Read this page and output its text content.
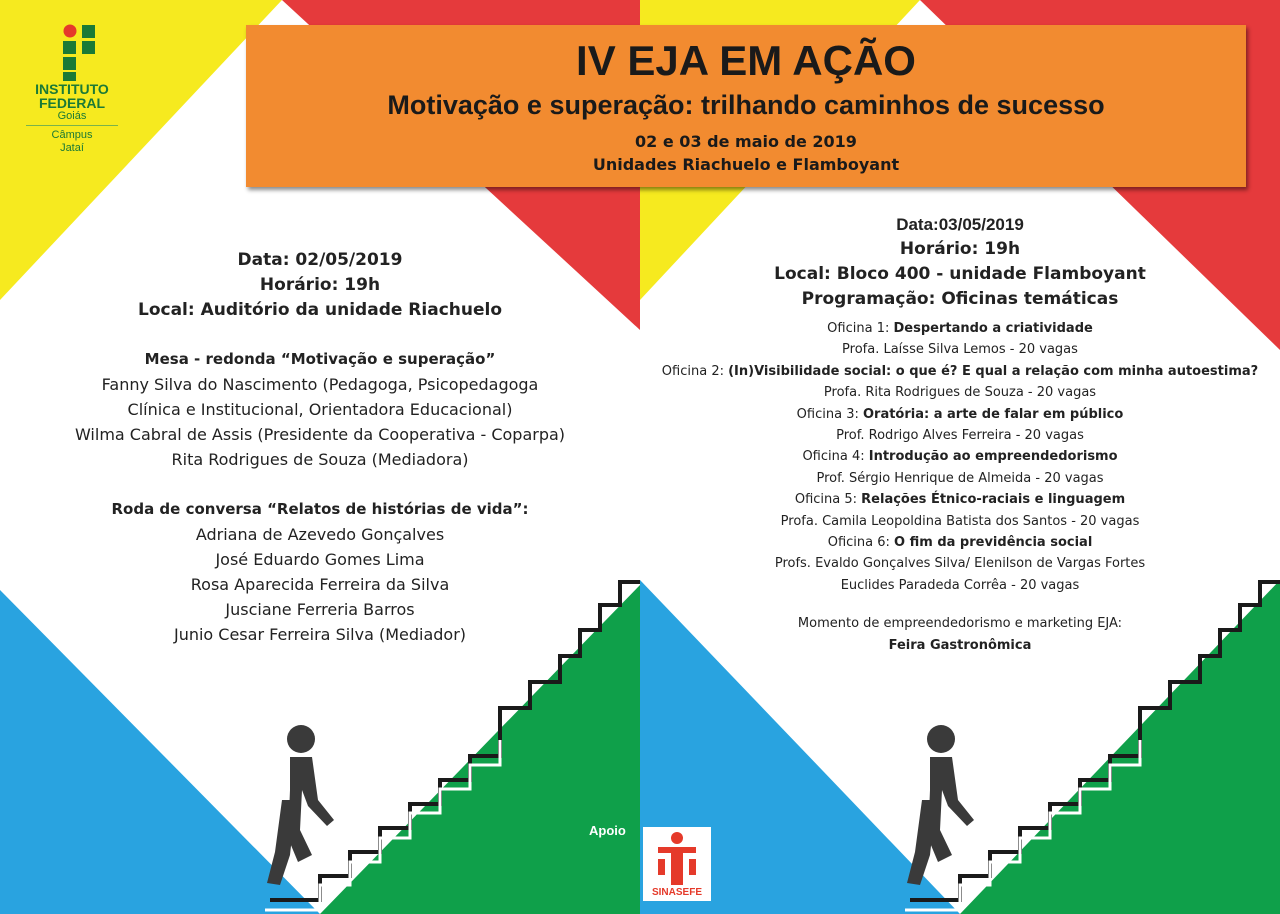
INSTITUTO
FEDERAL
Goiás
Câmpus
Jataí
IV EJA EM AÇÃO
Motivação e superação: trilhando caminhos de sucesso
02 e 03 de maio de 2019
Unidades Riachuelo e Flamboyant
Data: 02/05/2019
Horário: 19h
Local: Auditório da unidade Riachuelo
Mesa - redonda “Motivação e superação”
Fanny Silva do Nascimento (Pedagoga, Psicopedagoga
Clínica e Institucional, Orientadora Educacional)
Wilma Cabral de Assis (Presidente da Cooperativa - Coparpa)
Rita Rodrigues de Souza (Mediadora)
Roda de conversa “Relatos de histórias de vida”:
Adriana de Azevedo Gonçalves
José Eduardo Gomes Lima
Rosa Aparecida Ferreira da Silva
Jusciane Ferreria Barros
Junio Cesar Ferreira Silva (Mediador)
Data:03/05/2019
Horário: 19h
Local: Bloco 400 - unidade Flamboyant
Programação: Oficinas temáticas
Oficina 1: Despertando a criatividade
Profa. Laísse Silva Lemos - 20 vagas
Oficina 2: (In)Visibilidade social: o que é? E qual a relação com minha autoestima?
Profa. Rita Rodrigues de Souza - 20 vagas
Oficina 3: Oratória: a arte de falar em público
Prof. Rodrigo Alves Ferreira - 20 vagas
Oficina 4: Introdução ao empreendedorismo
Prof. Sérgio Henrique de Almeida - 20 vagas
Oficina 5: Relações Étnico-raciais e linguagem
Profa. Camila Leopoldina Batista dos Santos - 20 vagas
Oficina 6: O fim da previdência social
Profs. Evaldo Gonçalves Silva/ Elenilson de Vargas Fortes
Euclides Paradeda Corrêa - 20 vagas
Momento de empreendedorismo e marketing EJA:
Feira Gastronômica
Apoio
SINASEFE
